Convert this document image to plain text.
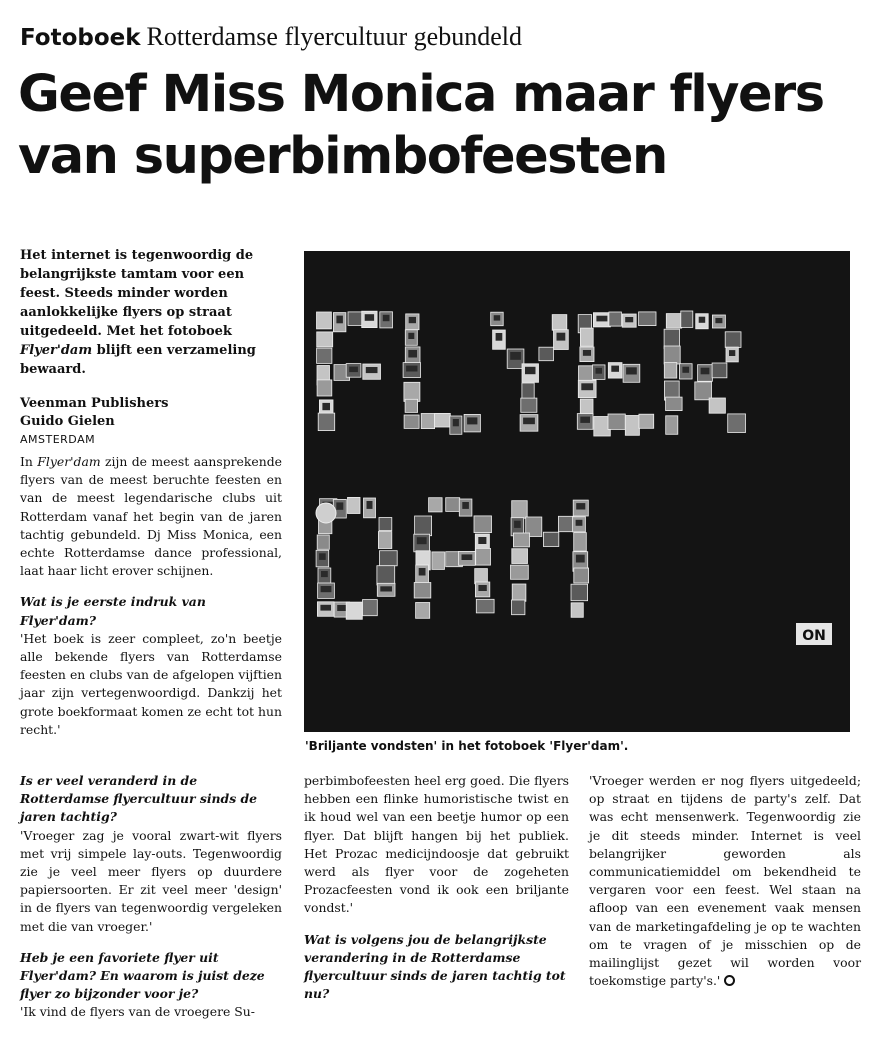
Fotoboek Rotterdamse flyercultuur gebundeld
Geef Miss Monica maar flyers van superbimbofeesten

Het internet is tegenwoordig de belangrijkste tamtam voor een feest. Steeds minder worden aanlokkelijke flyers op straat uitgedeeld. Met het fotoboek Flyer'dam blijft een verzameling bewaard.

Veenman Publishers
Guido Gielen
AMSTERDAM

In Flyer'dam zijn de meest aansprekende flyers van de meest beruchte feesten en van de meest legendarische clubs uit Rotterdam vanaf het begin van de jaren tachtig gebundeld. Dj Miss Monica, een echte Rotterdamse dance professional, laat haar licht erover schijnen.

Wat is je eerste indruk van Flyer'dam?

'Het boek is zeer compleet, zo'n beetje alle bekende flyers van Rotterdamse feesten en clubs van de afgelopen vijftien jaar zijn vertegenwoordigd. Dankzij het grote boekformaat komen ze echt tot hun recht.'

ON
'Briljante vondsten' in het fotoboek 'Flyer'dam'.

Is er veel veranderd in de Rotterdamse flyercultuur sinds de jaren tachtig?

'Vroeger zag je vooral zwart-wit flyers met vrij simpele lay-outs. Tegenwoordig zie je veel meer flyers op duurdere papiersoorten. Er zit veel meer 'design' in de flyers van tegenwoordig vergeleken met die van vroeger.'

Heb je een favoriete flyer uit Flyer'dam? En waarom is juist deze flyer zo bijzonder voor je?

'Ik vind de flyers van de vroegere Su-

perbimbofeesten heel erg goed. Die flyers hebben een flinke humoristische twist en ik houd wel van een beetje humor op een flyer. Dat blijft hangen bij het publiek. Het Prozac medicijndoosje dat gebruikt werd als flyer voor de zogeheten Prozacfeesten vond ik ook een briljante vondst.'

Wat is volgens jou de belangrijkste verandering in de Rotterdamse flyercultuur sinds de jaren tachtig tot nu?

'Vroeger werden er nog flyers uitgedeeld; op straat en tijdens de party's zelf. Dat was echt mensenwerk. Tegenwoordig zie je dit steeds minder. Internet is veel belangrijker geworden als communicatiemiddel om bekendheid te vergaren voor een feest. Wel staan na afloop van een evenement vaak mensen van de marketingafdeling je op te wachten om te vragen of je misschien op de mailinglijst gezet wil worden voor toekomstige party's.'
